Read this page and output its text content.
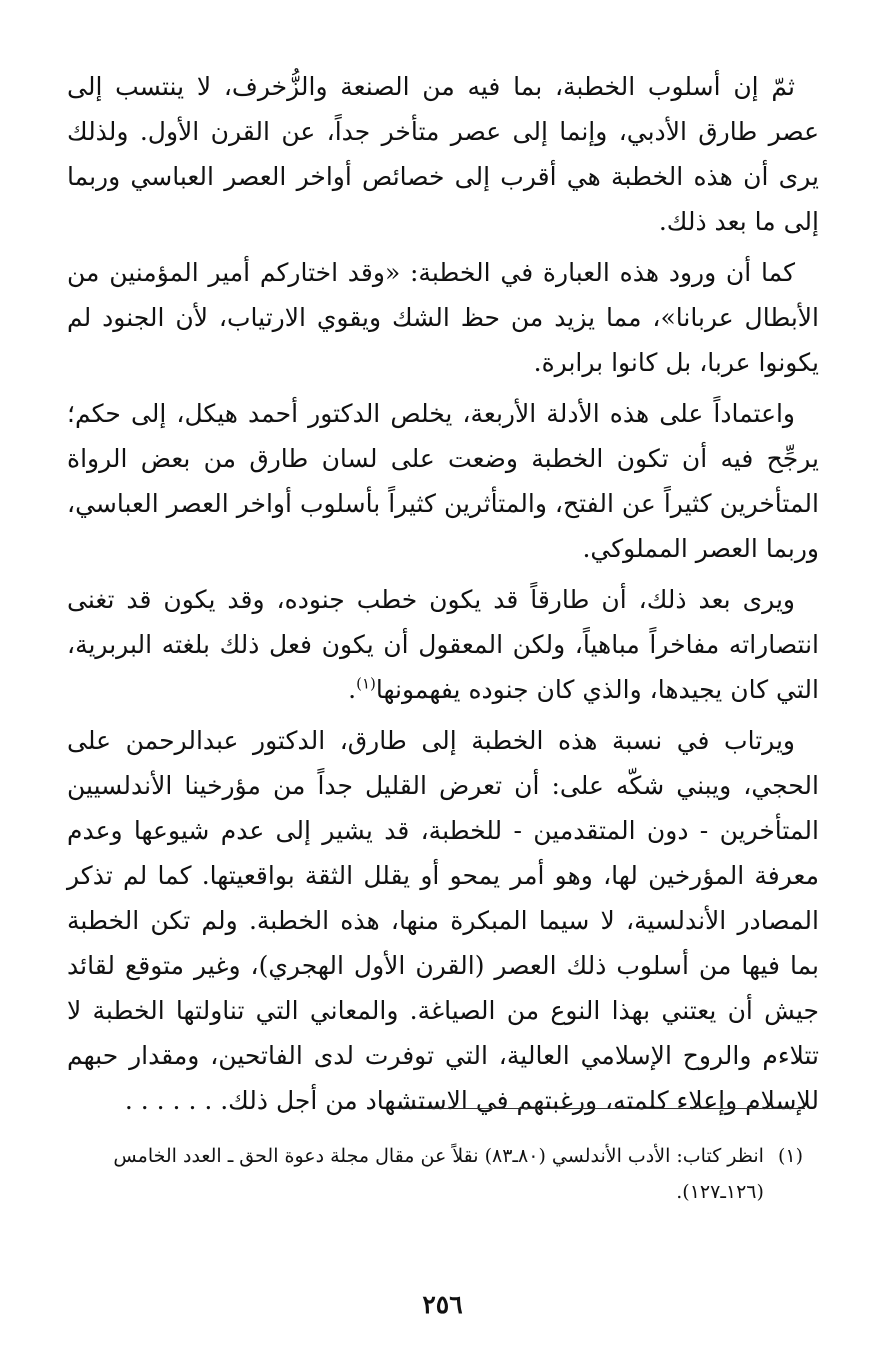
ثمّ إن أسلوب الخطبة، بما فيه من الصنعة والزُّخرف، لا ينتسب إلى عصر طارق الأدبي، وإنما إلى عصر متأخر جداً، عن القرن الأول. ولذلك يرى أن هذه الخطبة هي أقرب إلى خصائص أواخر العصر العباسي وربما إلى ما بعد ذلك.

كما أن ورود هذه العبارة في الخطبة: «وقد اختاركم أمير المؤمنين من الأبطال عربانا»، مما يزيد من حظ الشك ويقوي الارتياب، لأن الجنود لم يكونوا عربا، بل كانوا برابرة.

واعتماداً على هذه الأدلة الأربعة، يخلص الدكتور أحمد هيكل، إلى حكم؛ يرجِّح فيه أن تكون الخطبة وضعت على لسان طارق من بعض الرواة المتأخرين كثيراً عن الفتح، والمتأثرين كثيراً بأسلوب أواخر العصر العباسي، وربما العصر المملوكي.

ويرى بعد ذلك، أن طارقاً قد يكون خطب جنوده، وقد يكون قد تغنى انتصاراته مفاخراً مباهياً، ولكن المعقول أن يكون فعل ذلك بلغته البربرية، التي كان يجيدها، والذي كان جنوده يفهمونها$^{(١)}$.

ويرتاب في نسبة هذه الخطبة إلى طارق، الدكتور عبدالرحمن على الحجي، ويبني شكّه على: أن تعرض القليل جداً من مؤرخينا الأندلسيين المتأخرين - دون المتقدمين - للخطبة، قد يشير إلى عدم شيوعها وعدم معرفة المؤرخين لها، وهو أمر يمحو أو يقلل الثقة بواقعيتها. كما لم تذكر المصادر الأندلسية، لا سيما المبكرة منها، هذه الخطبة. ولم تكن الخطبة بما فيها من أسلوب ذلك العصر (القرن الأول الهجري)، وغير متوقع لقائد جيش أن يعتني بهذا النوع من الصياغة. والمعاني التي تناولتها الخطبة لا تتلاءم والروح الإسلامي العالية، التي توفرت لدى الفاتحين، ومقدار حبهم للإسلام وإعلاء كلمته، ورغبتهم في الاستشهاد من أجل ذلك. . . . . . .

(١)
انظر كتاب: الأدب الأندلسي (٨٠ـ٨٣) نقلاً عن مقال مجلة دعوة الحق ـ العدد الخامس (١٢٦ـ١٢٧).
٢٥٦
